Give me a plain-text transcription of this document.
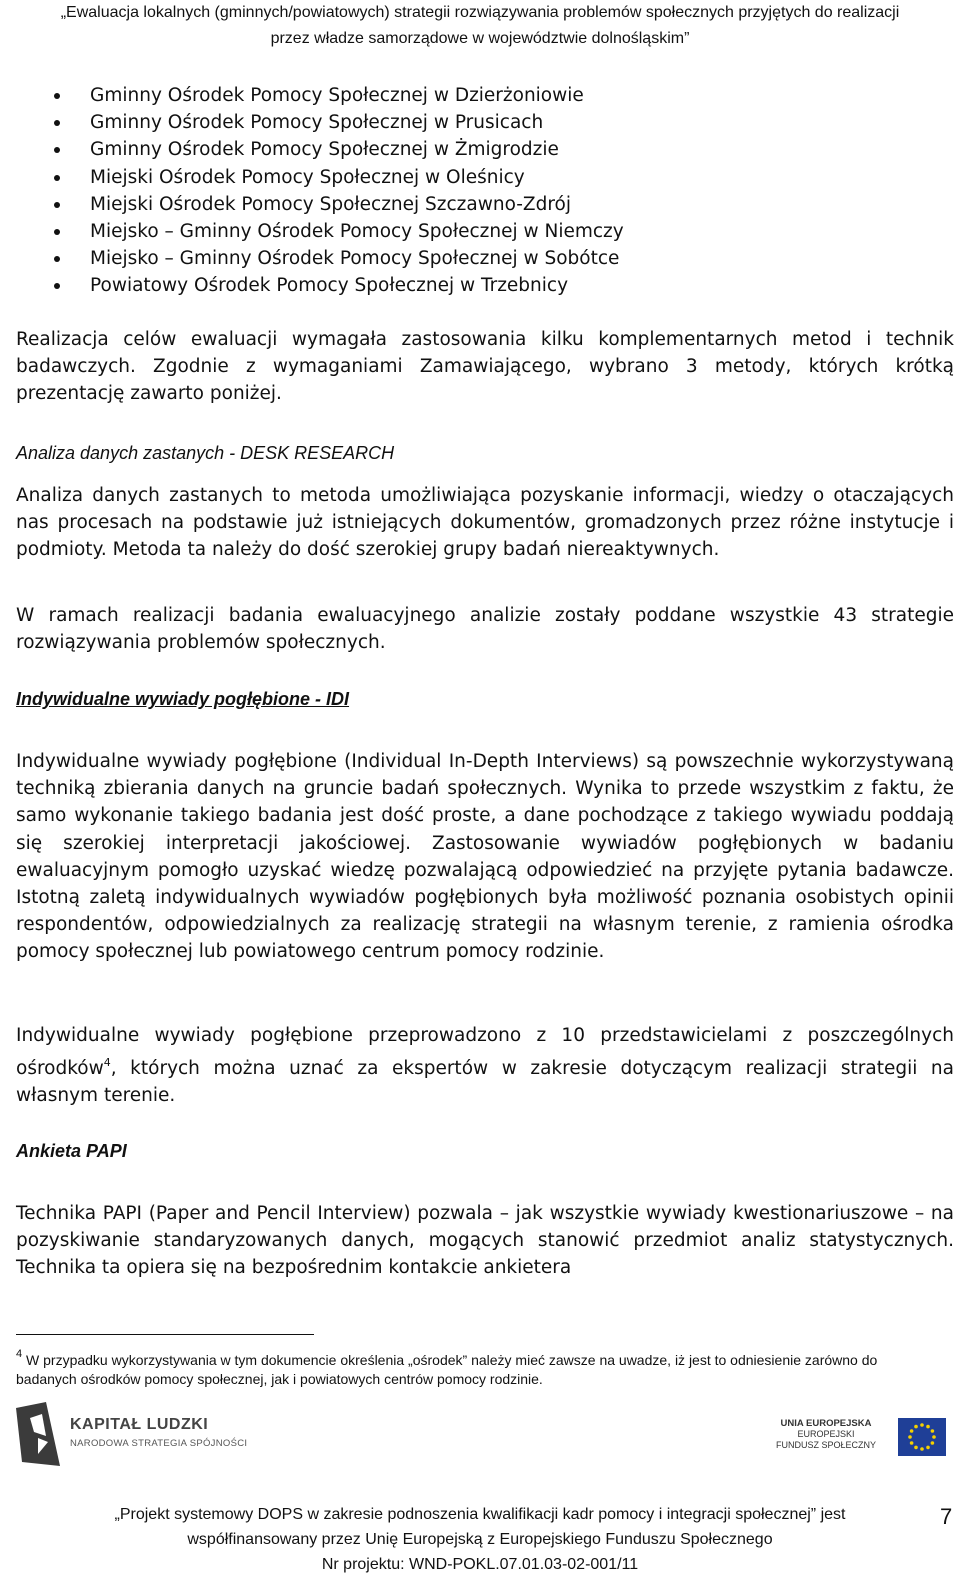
„Ewaluacja lokalnych (gminnych/powiatowych) strategii rozwiązywania problemów społecznych przyjętych do realizacji
przez władze samorządowe w województwie dolnośląskim”
Gminny Ośrodek Pomocy Społecznej w Dzierżoniowie
Gminny Ośrodek Pomocy Społecznej w Prusicach
Gminny Ośrodek Pomocy Społecznej w Żmigrodzie
Miejski Ośrodek Pomocy Społecznej w Oleśnicy
Miejski Ośrodek Pomocy Społecznej Szczawno-Zdrój
Miejsko – Gminny Ośrodek Pomocy Społecznej w Niemczy
Miejsko – Gminny Ośrodek Pomocy Społecznej w Sobótce
Powiatowy Ośrodek Pomocy Społecznej w Trzebnicy

Realizacja celów ewaluacji wymagała zastosowania kilku komplementarnych metod i technik badawczych. Zgodnie z wymaganiami Zamawiającego, wybrano 3 metody, których krótką prezentację zawarto poniżej.

Analiza danych zastanych - DESK RESEARCH

Analiza danych zastanych to metoda umożliwiająca pozyskanie informacji, wiedzy o otaczających nas procesach na podstawie już istniejących dokumentów, gromadzonych przez różne instytucje i podmioty. Metoda ta należy do dość szerokiej grupy badań niereaktywnych.

W ramach realizacji badania ewaluacyjnego analizie zostały poddane wszystkie 43 strategie rozwiązywania problemów społecznych.

Indywidualne wywiady pogłębione - IDI

Indywidualne wywiady pogłębione (Individual In-Depth Interviews) są powszechnie wykorzystywaną techniką zbierania danych na gruncie badań społecznych. Wynika to przede wszystkim z faktu, że samo wykonanie takiego badania jest dość proste, a dane pochodzące z takiego wywiadu poddają się szerokiej interpretacji jakościowej. Zastosowanie wywiadów pogłębionych w badaniu ewaluacyjnym pomogło uzyskać wiedzę pozwalającą odpowiedzieć na przyjęte pytania badawcze. Istotną zaletą indywidualnych wywiadów pogłębionych była możliwość poznania osobistych opinii respondentów, odpowiedzialnych za realizację strategii na własnym terenie, z ramienia ośrodka pomocy społecznej lub powiatowego centrum pomocy rodzinie.

Indywidualne wywiady pogłębione przeprowadzono z 10 przedstawicielami z poszczególnych ośrodków$^4$, których można uznać za ekspertów w zakresie dotyczącym realizacji strategii na własnym terenie.

Ankieta PAPI

Technika PAPI (Paper and Pencil Interview) pozwala – jak wszystkie wywiady kwestionariuszowe – na pozyskiwanie standaryzowanych danych, mogących stanowić przedmiot analiz statystycznych. Technika ta opiera się na bezpośrednim kontakcie ankietera

$^4$ W przypadku wykorzystywania w tym dokumencie określenia „ośrodek” należy mieć zawsze na uwadze, iż jest to odniesienie zarówno do badanych ośrodków pomocy społecznej, jak i powiatowych centrów pomocy rodzinie.

KAPITAŁ LUDZKI
NARODOWA STRATEGIA SPÓJNOŚCI
UNIA EUROPEJSKA
EUROPEJSKI
FUNDUSZ SPOŁECZNY
„Projekt systemowy DOPS w zakresie podnoszenia kwalifikacji kadr pomocy i integracji społecznej” jest
współfinansowany przez Unię Europejską z Europejskiego Funduszu Społecznego
Nr projektu: WND-POKL.07.01.03-02-001/11
7
